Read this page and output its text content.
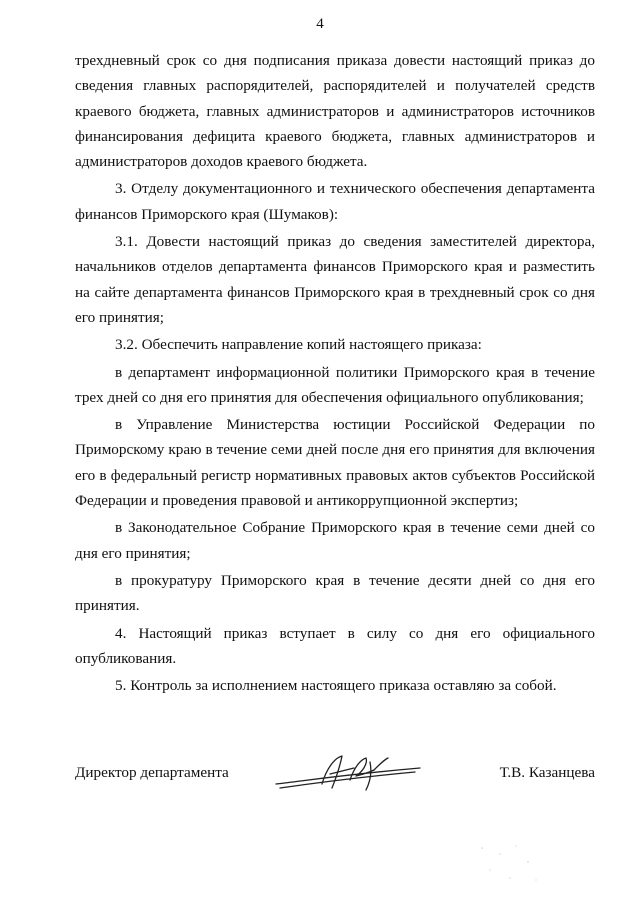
4

трехдневный срок со дня подписания приказа довести настоящий приказ до сведения главных распорядителей, распорядителей и получателей средств краевого бюджета, главных администраторов и администраторов источников финансирования дефицита краевого бюджета, главных администраторов и администраторов доходов краевого бюджета.

3. Отделу документационного и технического обеспечения департамента финансов Приморского края (Шумаков):

3.1. Довести настоящий приказ до сведения заместителей директора, начальников отделов департамента финансов Приморского края и разместить на сайте департамента финансов Приморского края в трехдневный срок со дня его принятия;

3.2. Обеспечить направление копий настоящего приказа:

в департамент информационной политики Приморского края в течение трех дней со дня его принятия для обеспечения официального опубликования;

в Управление Министерства юстиции Российской Федерации по Приморскому краю в течение семи дней после дня его принятия для включения его в федеральный регистр нормативных правовых актов субъектов Российской Федерации и проведения правовой и антикоррупционной экспертиз;

в Законодательное Собрание Приморского края в течение семи дней со дня его принятия;

в прокуратуру Приморского края в течение десяти дней со дня его принятия.

4. Настоящий приказ вступает в силу со дня его официального опубликования.

5. Контроль за исполнением настоящего приказа оставляю за собой.

Директор департамента	Т.В. Казанцева
